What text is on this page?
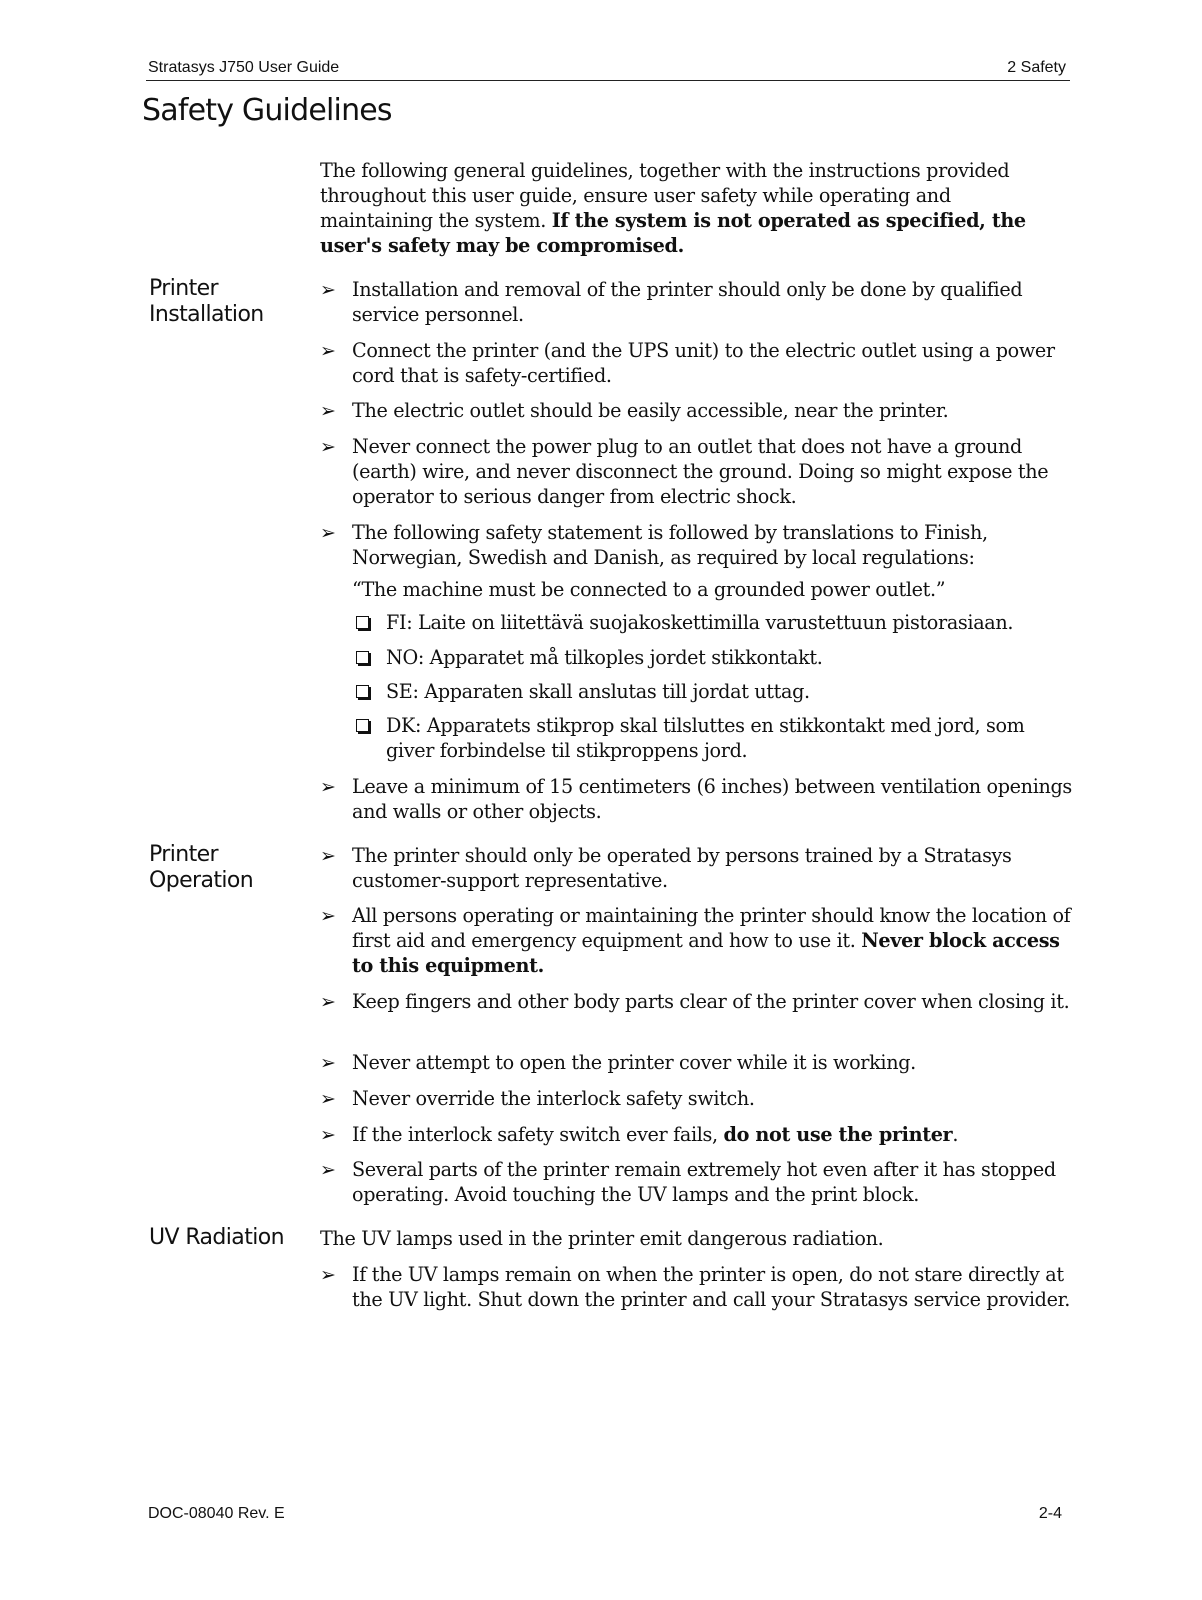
Stratasys J750 User Guide	2 Safety
Safety Guidelines

The following general guidelines, together with the instructions provided throughout this user guide, ensure user safety while operating and maintaining the system. If the system is not operated as specified, the user's safety may be compromised.

Printer
Installation

➢ Installation and removal of the printer should only be done by qualified service personnel.

➢ Connect the printer (and the UPS unit) to the electric outlet using a power cord that is safety-certified.

➢ The electric outlet should be easily accessible, near the printer.

➢ Never connect the power plug to an outlet that does not have a ground (earth) wire, and never disconnect the ground. Doing so might expose the operator to serious danger from electric shock.

➢ The following safety statement is followed by translations to Finish, Norwegian, Swedish and Danish, as required by local regulations:

“The machine must be connected to a grounded power outlet.”

FI: Laite on liitettävä suojakoskettimilla varustettuun pistorasiaan.

NO: Apparatet må tilkoples jordet stikkontakt.

SE: Apparaten skall anslutas till jordat uttag.

DK: Apparatets stikprop skal tilsluttes en stikkontakt med jord, som giver forbindelse til stikproppens jord.

➢ Leave a minimum of 15 centimeters (6 inches) between ventilation openings and walls or other objects.

Printer
Operation

➢ The printer should only be operated by persons trained by a Stratasys customer-support representative.

➢ All persons operating or maintaining the printer should know the location of first aid and emergency equipment and how to use it. Never block access to this equipment.

➢ Keep fingers and other body parts clear of the printer cover when closing it.

➢ Never attempt to open the printer cover while it is working.

➢ Never override the interlock safety switch.

➢ If the interlock safety switch ever fails, do not use the printer.

➢ Several parts of the printer remain extremely hot even after it has stopped operating. Avoid touching the UV lamps and the print block.

UV Radiation The UV lamps used in the printer emit dangerous radiation.

➢ If the UV lamps remain on when the printer is open, do not stare directly at the UV light. Shut down the printer and call your Stratasys service provider.

DOC-08040 Rev. E	2-4
